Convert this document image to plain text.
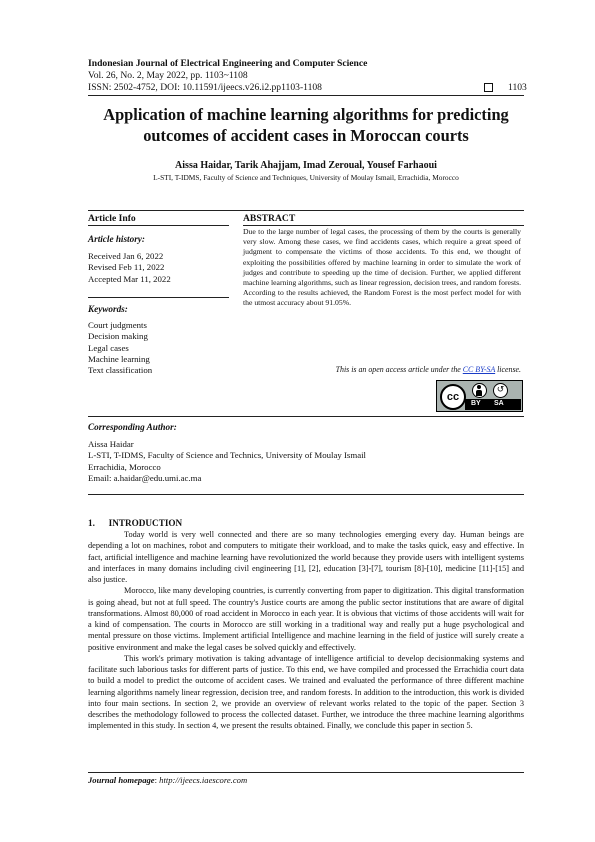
Indonesian Journal of Electrical Engineering and Computer Science
Vol. 26, No. 2, May 2022, pp. 1103~1108
ISSN: 2502-4752, DOI: 10.11591/ijeecs.v26.i2.pp1103-1108	1103
Application of machine learning algorithms for predicting outcomes of accident cases in Moroccan courts
Aissa Haidar, Tarik Ahajjam, Imad Zeroual, Yousef Farhaoui
L-STI, T-IDMS, Faculty of Science and Techniques, University of Moulay Ismail, Errachidia, Morocco
Article Info	ABSTRACT
Article history:
Received Jan 6, 2022
Revised Feb 11, 2022
Accepted Mar 11, 2022
Keywords:
Court judgments
Decision making
Legal cases
Machine learning
Text classification
Due to the large number of legal cases, the processing of them by the courts is generally very slow. Among these cases, we find accidents cases, which require a great speed of judgment to compensate the victims of those accidents. To this end, we thought of exploiting the possibilities offered by machine learning in order to simulate the work of judges and contribute to speeding up the time of decision. Further, we applied different machine learning algorithms, such as linear regression, decision trees, and random forests. According to the results achieved, the Random Forest is the most perfect model for with the utmost accuracy about 91.05%.
This is an open access article under the CC BY-SA license.
cc
↺
BY SA
Corresponding Author:
Aissa Haidar
L-STI, T-IDMS, Faculty of Science and Technics, University of Moulay Ismail
Errachidia, Morocco
Email: a.haidar@edu.umi.ac.ma
1.      INTRODUCTION

Today world is very well connected and there are so many technologies emerging every day. Human beings are depending a lot on machines, robot and computers to mitigate their workload, and to make the tasks quick, easy and effective. In fact, artificial intelligence and machine learning have revolutionized the world because they provide users with intelligent systems and interfaces in many domains including civil engineering [1], [2], education [3]-[7], tourism [8]-[10], medicine [11]-[15] and also justice.

Morocco, like many developing countries, is currently converting from paper to digitization. This digital transformation is going ahead, but not at full speed. The country's Justice courts are among the public sector institutions that are aware of digital transformations. Almost 80,000 of road accident in Morocco in each year. It is obvious that victims of those accidents will wait for a kind of compensation. The courts in Morocco are still working in a traditional way and really put a huge psychological and mental pressure on those victims. Implement artificial Intelligence and machine learning in the field of justice will surely create a positive environment and make the legal cases be solved quickly and effectively.

This work's primary motivation is taking advantage of intelligence artificial to develop decisionmaking systems and facilitate such laborious tasks for different parts of justice. To this end, we have compiled and processed the Errachidia court data to build a model to predict the outcome of accident cases. We trained and evaluated the performance of three different machine learning algorithms namely linear regression, decision tree, and random forests. In addition to the introduction, this work is divided into four main sections. In section 2, we provide an overview of relevant works related to the topic of the paper. Section 3 describes the methodology followed to process the collected dataset. Further, we introduce the three machine learning algorithms implemented in this study. In section 4, we present the results obtained. Finally, we conclude this paper in section 5.

Journal homepage: http://ijeecs.iaescore.com
